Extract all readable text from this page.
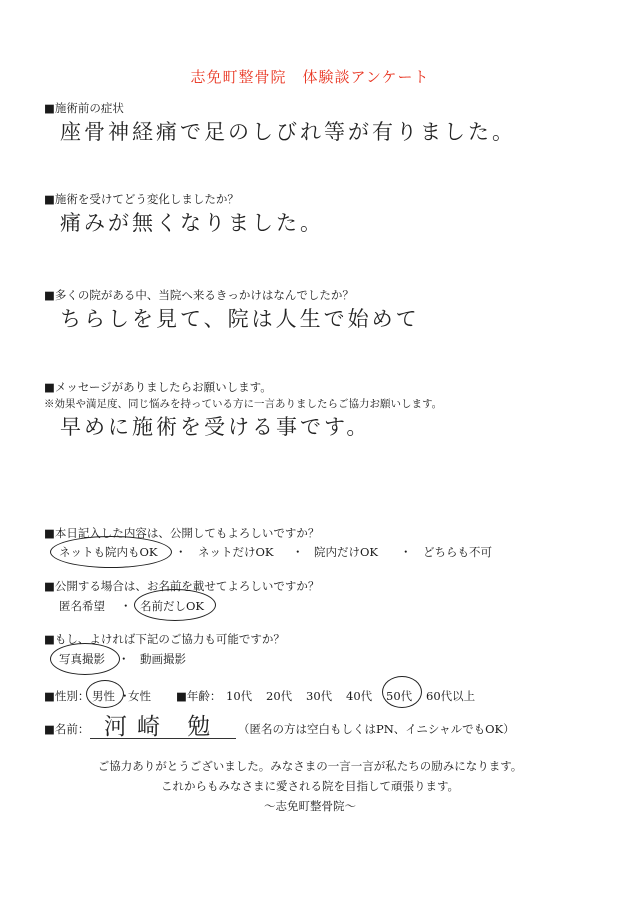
志免町整骨院　体験談アンケート
■施術前の症状
座骨神経痛で足のしびれ等が有りました。
■施術を受けてどう変化しましたか？
痛みが無くなりました。
■多くの院がある中、当院へ来るきっかけはなんでしたか？
ちらしを見て、院は人生で始めて
■メッセージがありましたらお願いします。
※効果や満足度、同じ悩みを持っている方に一言ありましたらご協力お願いします。
早めに施術を受ける事です。
■本日記入した内容は、公開してもよろしいですか？
ネットも院内もOK ・ ネットだけOK ・ 院内だけOK ・ どちらも不可
■公開する場合は、お名前を載せてよろしいですか？
匿名希望 ・ 名前だしOK
■もし、よければ下記のご協力も可能ですか？
写真撮影 ・ 動画撮影
■性別： 男性 ・
女性 ■年齢： 10代 20代 30代 40代 50代 60代以上
■名前： 河崎 勉 （匿名の方は空白もしくはPN、イニシャルでもOK）
ご協力ありがとうございました。みなさまの一言一言が私たちの励みになります。
これからもみなさまに愛される院を目指して頑張ります。
～志免町整骨院～
